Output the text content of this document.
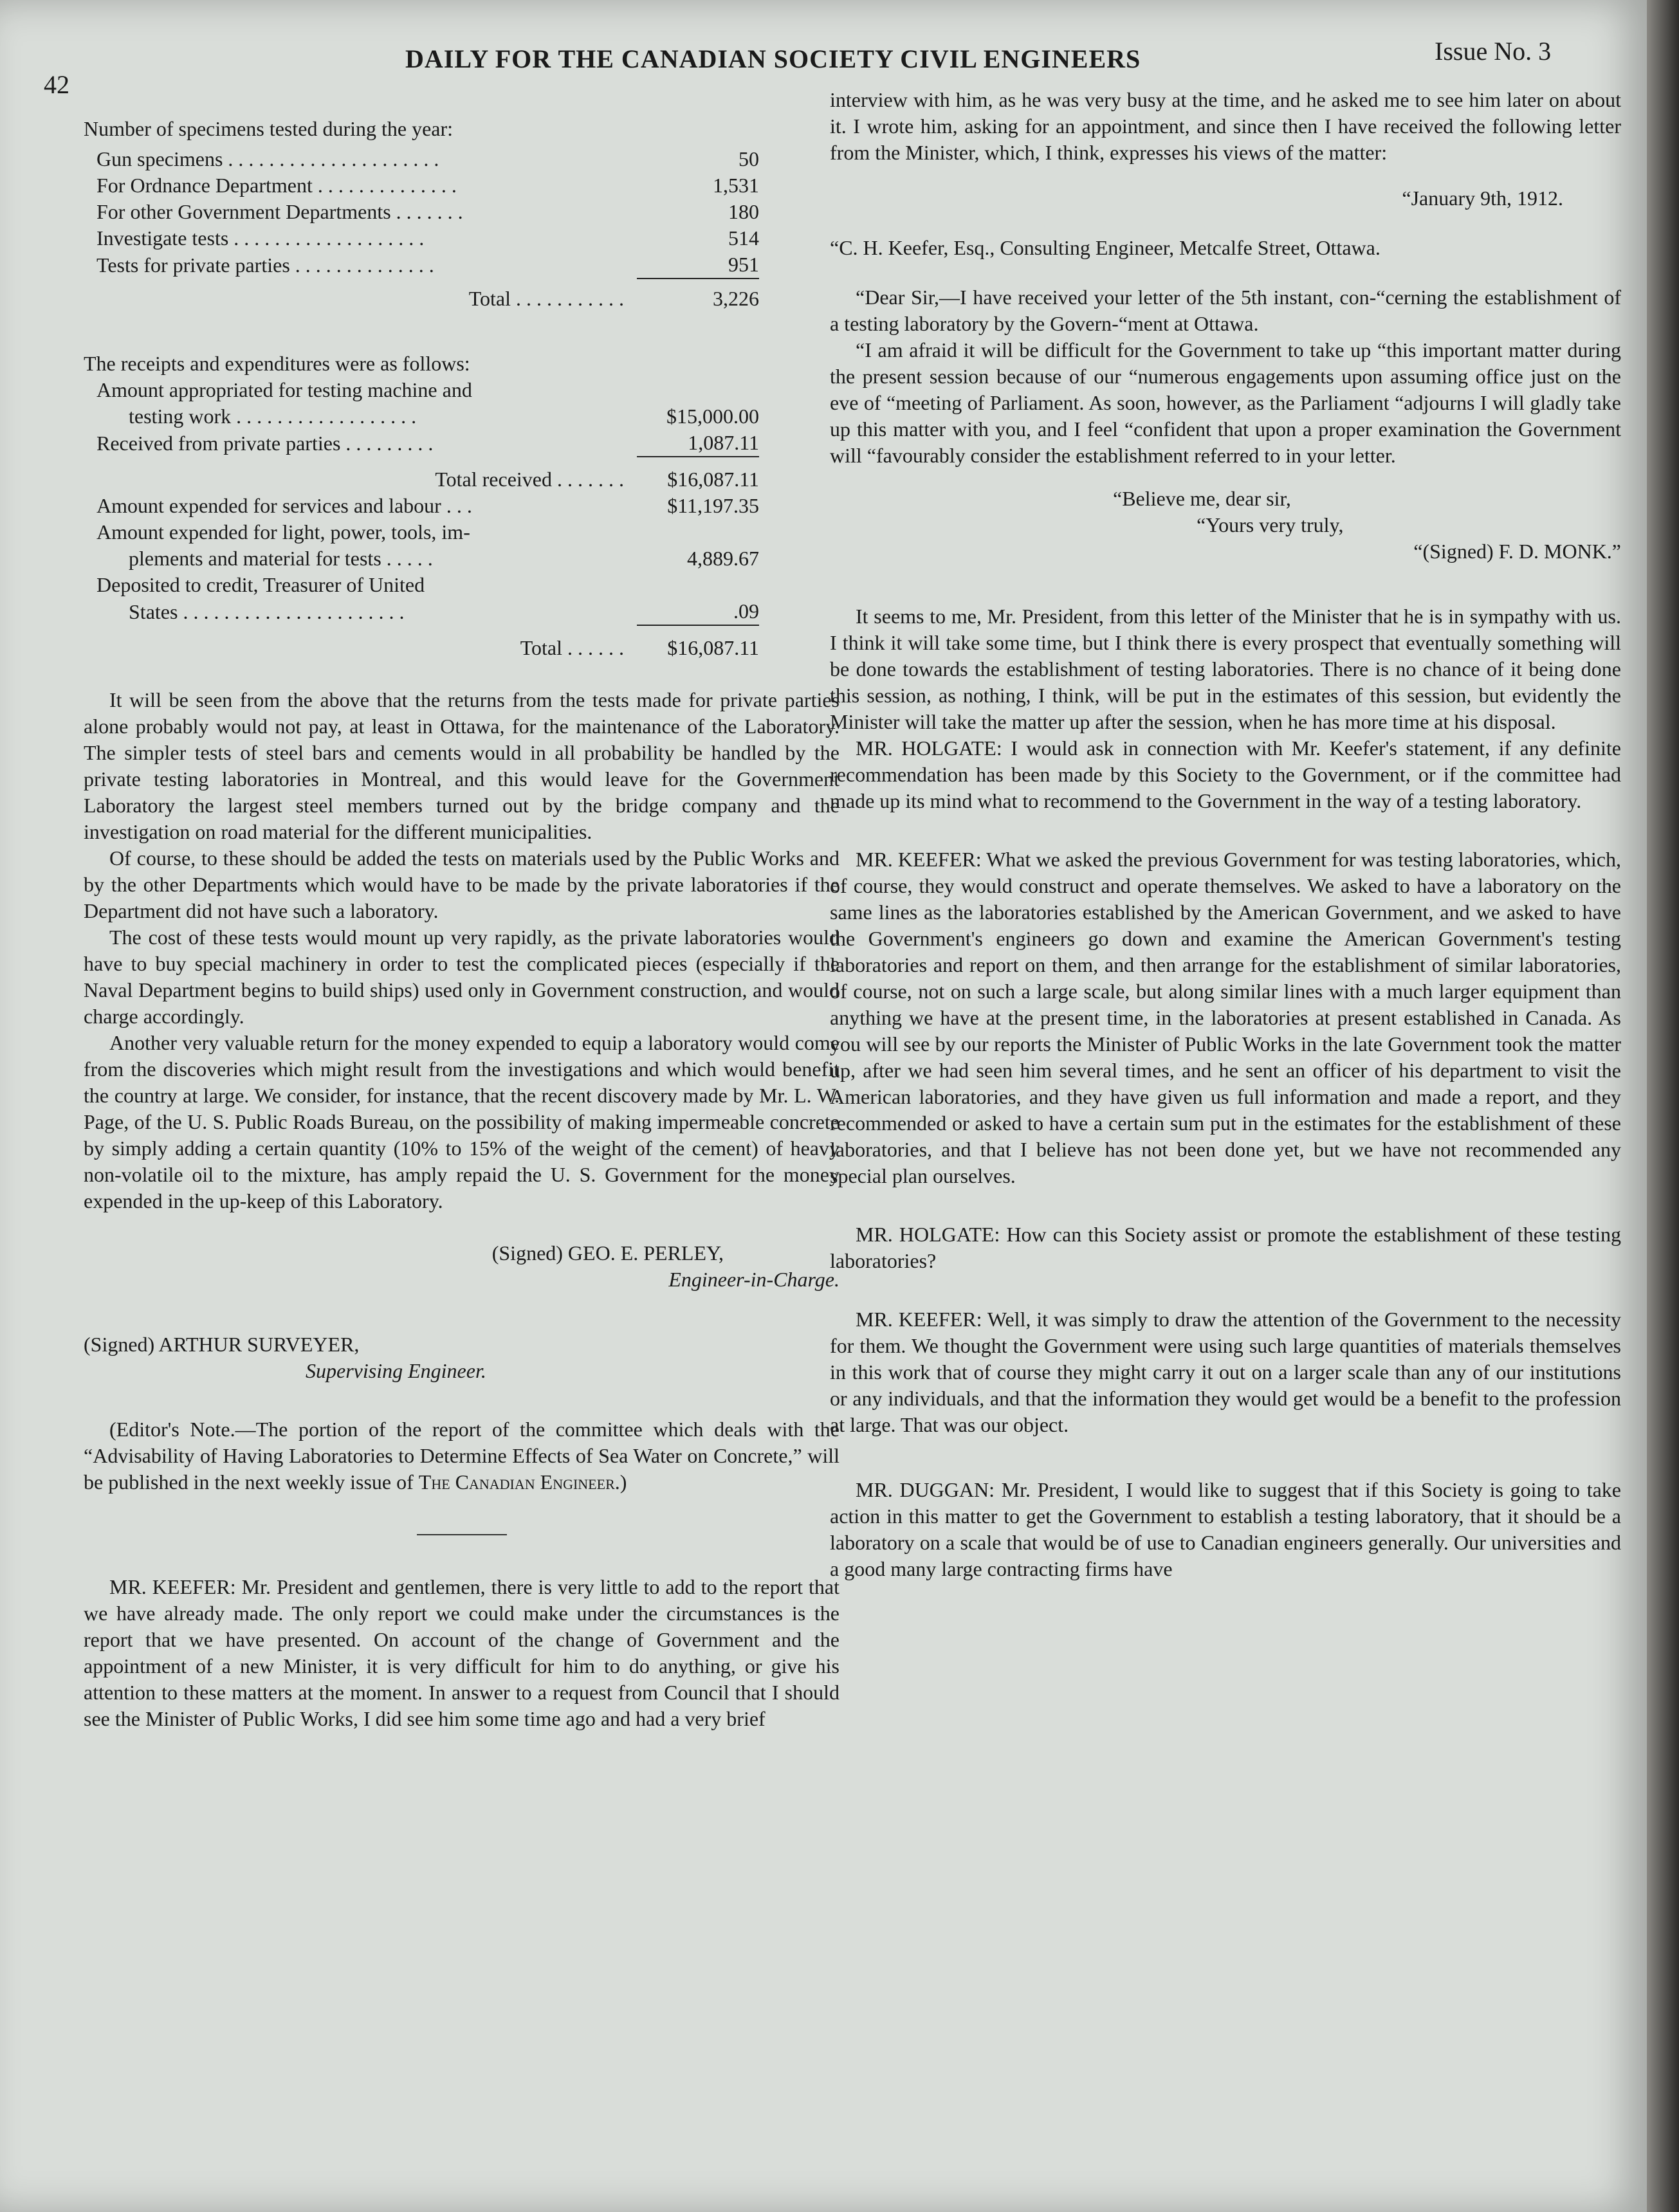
42
DAILY FOR THE CANADIAN SOCIETY CIVIL ENGINEERS	Issue No. 3
Number of specimens tested during the year:
Gun specimens . . . . . . . . . . . . . . . . . . . . .	50
For Ordnance Department . . . . . . . . . . . . . .	1,531
For other Government Departments . . . . . . .	180
Investigate tests . . . . . . . . . . . . . . . . . . .	514
Tests for private parties . . . . . . . . . . . . . .	951
Total . . . . . . . . . . .	3,226
The receipts and expenditures were as follows:
Amount appropriated for testing machine and	
testing work . . . . . . . . . . . . . . . . . .	$15,000.00
Received from private parties . . . . . . . . .	1,087.11
Total received . . . . . . .	$16,087.11
Amount expended for services and labour . . .	$11,197.35
Amount expended for light, power, tools, im-	
plements and material for tests . . . . .	4,889.67
Deposited to credit, Treasurer of United	
States . . . . . . . . . . . . . . . . . . . . . .	.09
Total . . . . . .	$16,087.11

It will be seen from the above that the returns from the tests made for private parties alone probably would not pay, at least in Ottawa, for the maintenance of the Laboratory. The simpler tests of steel bars and cements would in all probability be handled by the private testing laboratories in Montreal, and this would leave for the Government Laboratory the largest steel members turned out by the bridge company and the investigation on road material for the different municipalities.

Of course, to these should be added the tests on materials used by the Public Works and by the other Departments which would have to be made by the private laboratories if the Department did not have such a laboratory.

The cost of these tests would mount up very rapidly, as the private laboratories would have to buy special machinery in order to test the complicated pieces (especially if the Naval Department begins to build ships) used only in Government construction, and would charge accordingly.

Another very valuable return for the money expended to equip a laboratory would come from the discoveries which might result from the investigations and which would benefit the country at large. We consider, for instance, that the recent discovery made by Mr. L. W. Page, of the U. S. Public Roads Bureau, on the possibility of making impermeable concrete by simply adding a certain quantity (10% to 15% of the weight of the cement) of heavy non-volatile oil to the mixture, has amply repaid the U. S. Government for the money expended in the up-keep of this Laboratory.

(Signed) GEO. E. PERLEY,
Engineer-in-Charge.
(Signed) ARTHUR SURVEYER,
Supervising Engineer.

(Editor's Note.—The portion of the report of the committee which deals with the “Advisability of Having Laboratories to Determine Effects of Sea Water on Concrete,” will be published in the next weekly issue of The Canadian Engineer.)

MR. KEEFER: Mr. President and gentlemen, there is very little to add to the report that we have already made. The only report we could make under the circumstances is the report that we have presented. On account of the change of Government and the appointment of a new Minister, it is very difficult for him to do anything, or give his attention to these matters at the moment. In answer to a request from Council that I should see the Minister of Public Works, I did see him some time ago and had a very brief

interview with him, as he was very busy at the time, and he asked me to see him later on about it. I wrote him, asking for an appointment, and since then I have received the following letter from the Minister, which, I think, expresses his views of the matter:

“January 9th, 1912.

“C. H. Keefer, Esq., Consulting Engineer, Metcalfe Street, Ottawa.

“Dear Sir,—I have received your letter of the 5th instant, con-“cerning the establishment of a testing laboratory by the Govern-“ment at Ottawa.

“I am afraid it will be difficult for the Government to take up “this important matter during the present session because of our “numerous engagements upon assuming office just on the eve of “meeting of Parliament. As soon, however, as the Parliament “adjourns I will gladly take up this matter with you, and I feel “confident that upon a proper examination the Government will “favourably consider the establishment referred to in your letter.

“Believe me, dear sir,
“Yours very truly,
“(Signed) F. D. MONK.”

It seems to me, Mr. President, from this letter of the Minister that he is in sympathy with us. I think it will take some time, but I think there is every prospect that eventually something will be done towards the establishment of testing laboratories. There is no chance of it being done this session, as nothing, I think, will be put in the estimates of this session, but evidently the Minister will take the matter up after the session, when he has more time at his disposal.

MR. HOLGATE: I would ask in connection with Mr. Keefer's statement, if any definite recommendation has been made by this Society to the Government, or if the committee had made up its mind what to recommend to the Government in the way of a testing laboratory.

MR. KEEFER: What we asked the previous Government for was testing laboratories, which, of course, they would construct and operate themselves. We asked to have a laboratory on the same lines as the laboratories established by the American Government, and we asked to have the Government's engineers go down and examine the American Government's testing laboratories and report on them, and then arrange for the establishment of similar laboratories, of course, not on such a large scale, but along similar lines with a much larger equipment than anything we have at the present time, in the laboratories at present established in Canada. As you will see by our reports the Minister of Public Works in the late Government took the matter up, after we had seen him several times, and he sent an officer of his department to visit the American laboratories, and they have given us full information and made a report, and they recommended or asked to have a certain sum put in the estimates for the establishment of these laboratories, and that I believe has not been done yet, but we have not recommended any special plan ourselves.

MR. HOLGATE: How can this Society assist or promote the establishment of these testing laboratories?

MR. KEEFER: Well, it was simply to draw the attention of the Government to the necessity for them. We thought the Government were using such large quantities of materials themselves in this work that of course they might carry it out on a larger scale than any of our institutions or any individuals, and that the information they would get would be a benefit to the profession at large. That was our object.

MR. DUGGAN: Mr. President, I would like to suggest that if this Society is going to take action in this matter to get the Government to establish a testing laboratory, that it should be a laboratory on a scale that would be of use to Canadian engineers generally. Our universities and a good many large contracting firms have
